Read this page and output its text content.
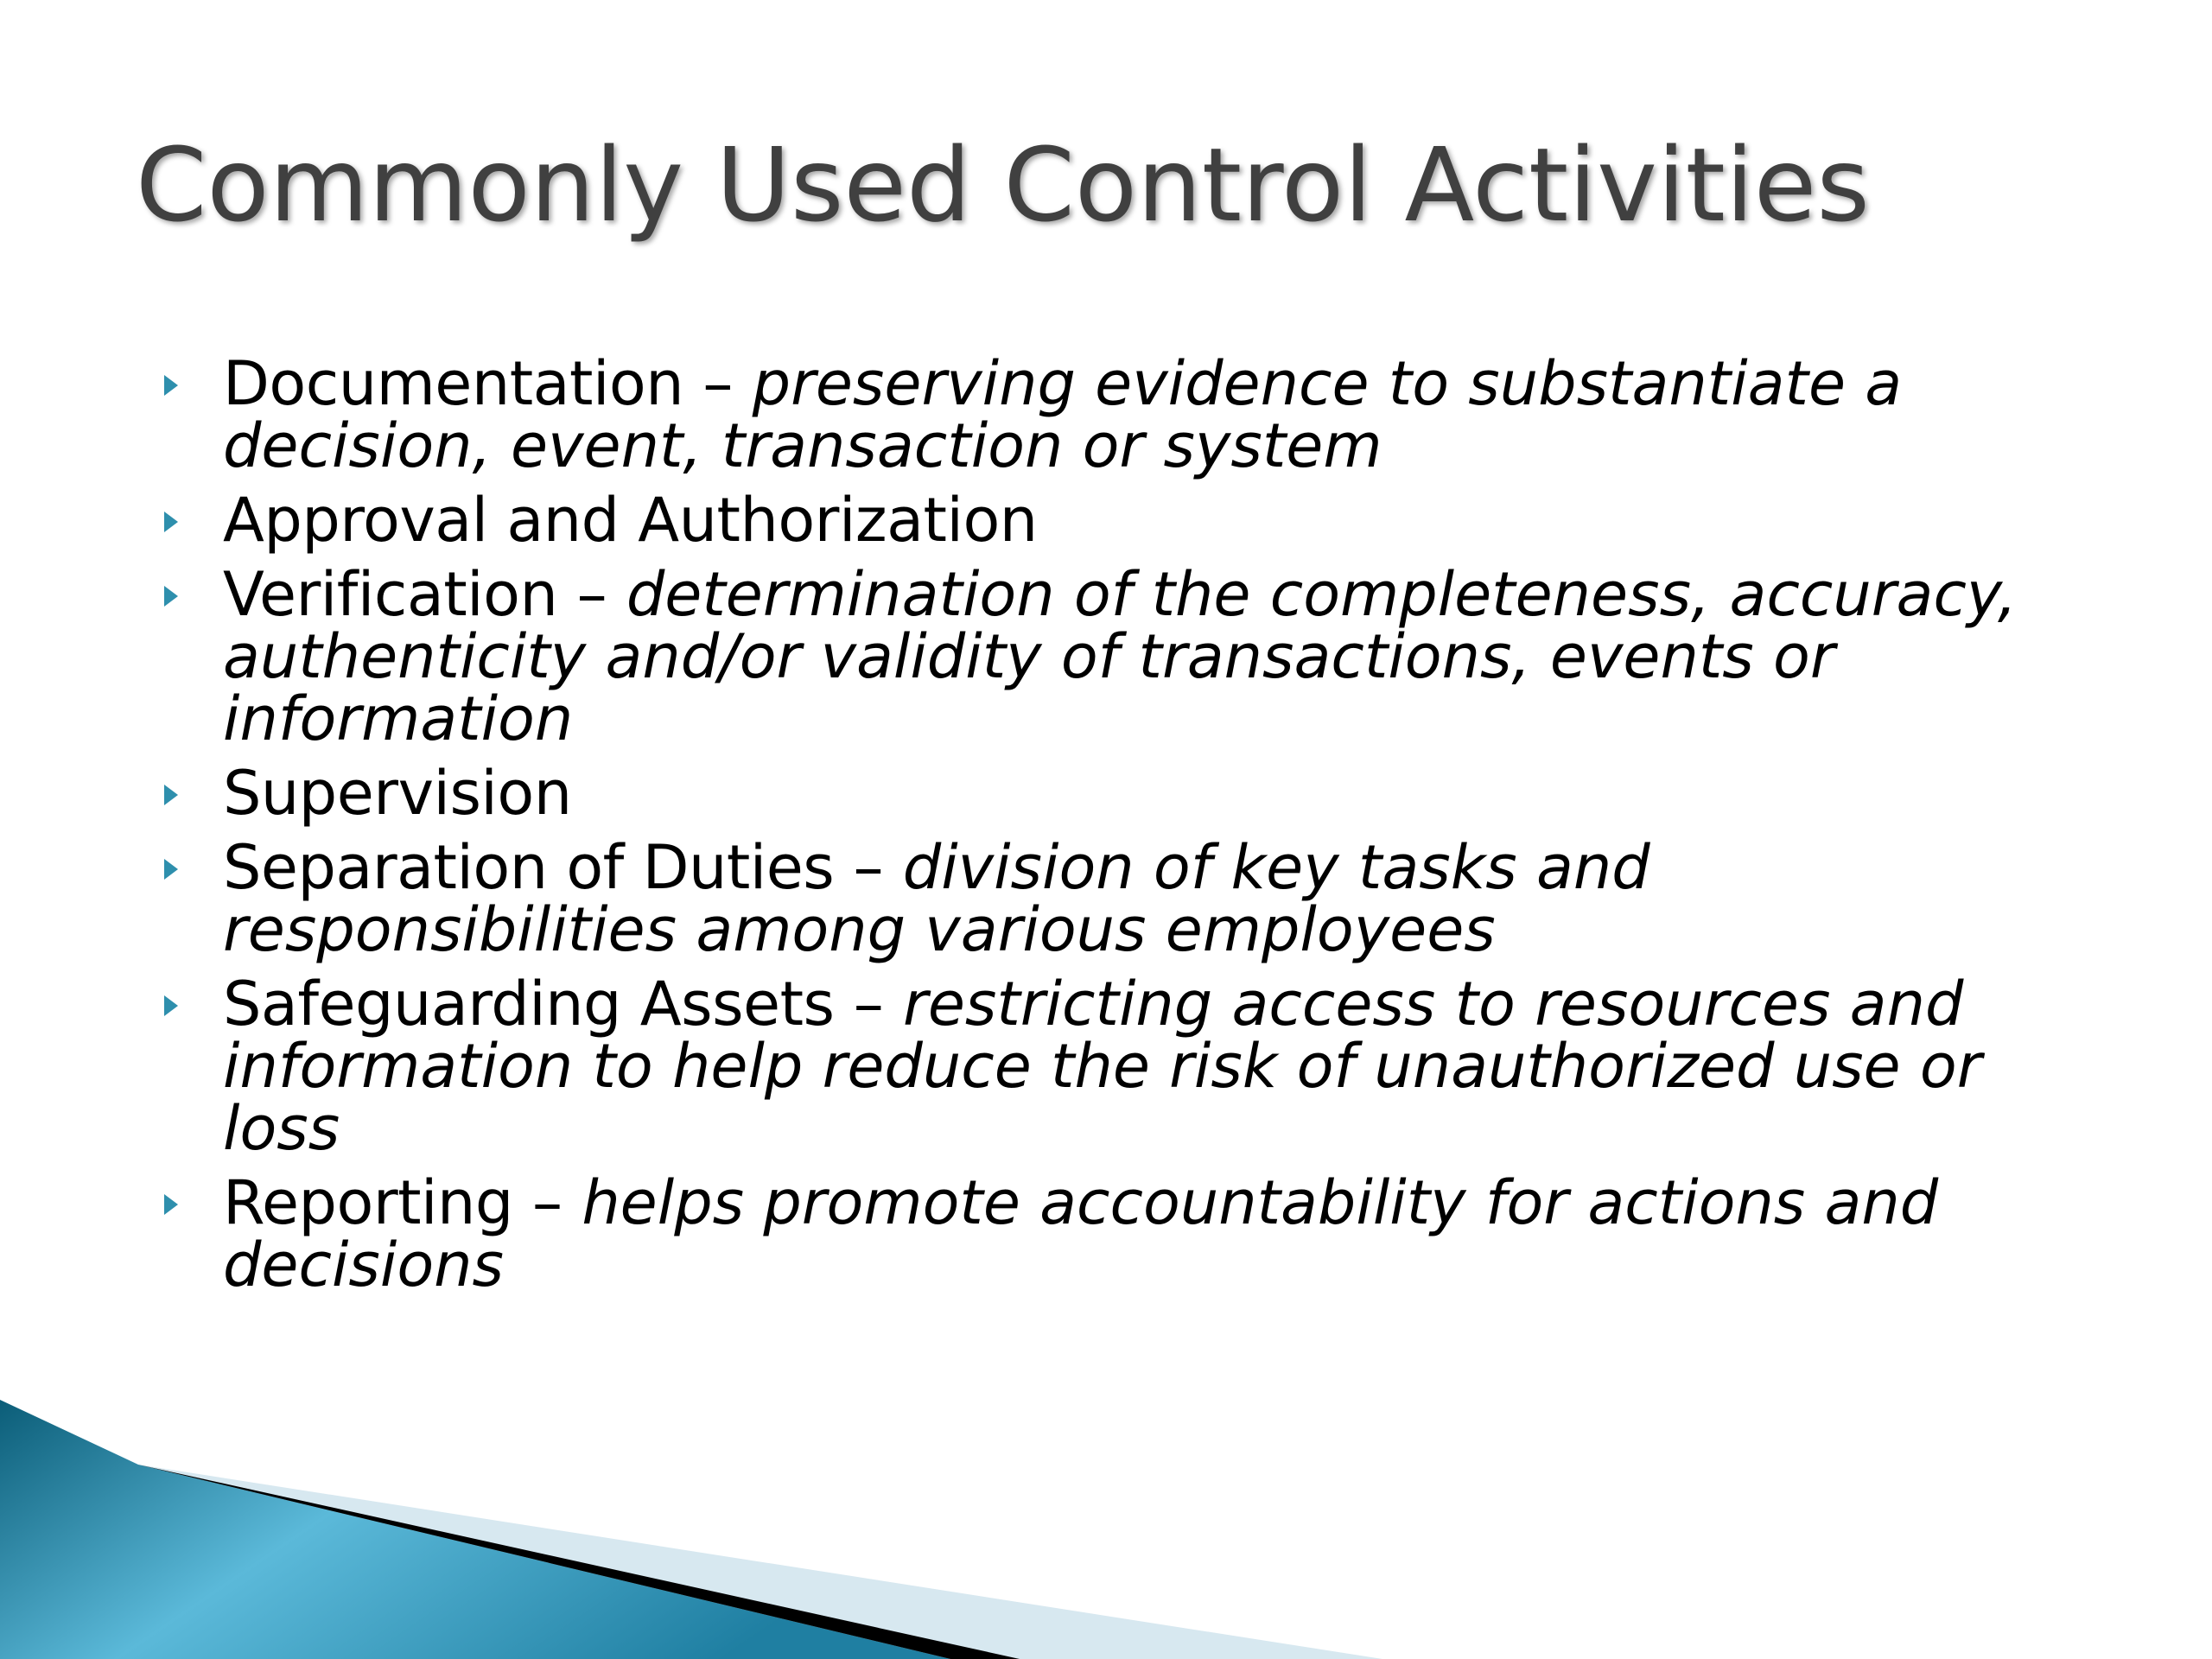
Commonly Used Control Activities
Documentation – preserving evidence to substantiate a decision, event, transaction or system
Approval and Authorization
Verification – determination of the completeness, accuracy, authenticity and/or validity of transactions, events or information
Supervision
Separation of Duties – division of key tasks and responsibilities among various employees
Safeguarding Assets – restricting access to resources and information to help reduce the risk of unauthorized use or loss
Reporting – helps promote accountability for actions and decisions
